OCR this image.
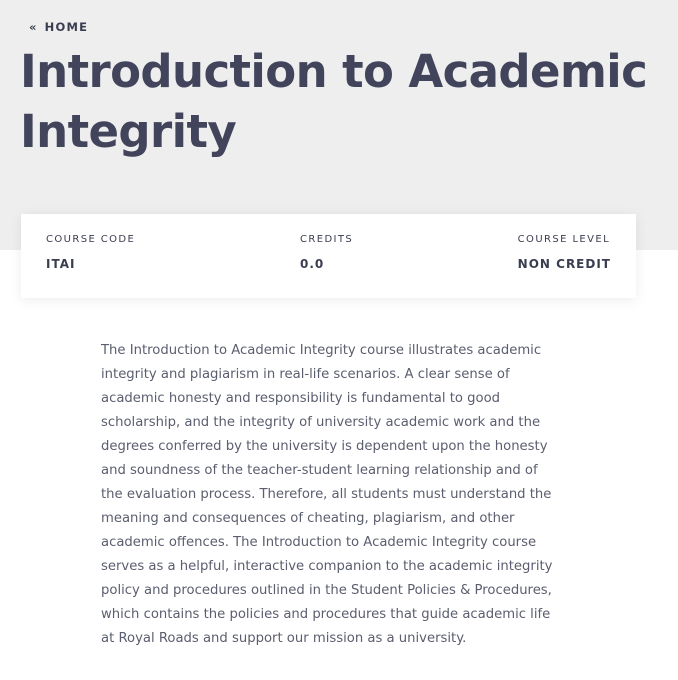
« HOME
Introduction to Academic Integrity
COURSE CODE
ITAI
CREDITS
0.0
COURSE LEVEL
NON CREDIT

The Introduction to Academic Integrity course illustrates academic integrity and plagiarism in real-life scenarios. A clear sense of academic honesty and responsibility is fundamental to good scholarship, and the integrity of university academic work and the degrees conferred by the university is dependent upon the honesty and soundness of the teacher-student learning relationship and of the evaluation process. Therefore, all students must understand the meaning and consequences of cheating, plagiarism, and other academic offences. The Introduction to Academic Integrity course serves as a helpful, interactive companion to the academic integrity policy and procedures outlined in the Student Policies & Procedures, which contains the policies and procedures that guide academic life at Royal Roads and support our mission as a university.
